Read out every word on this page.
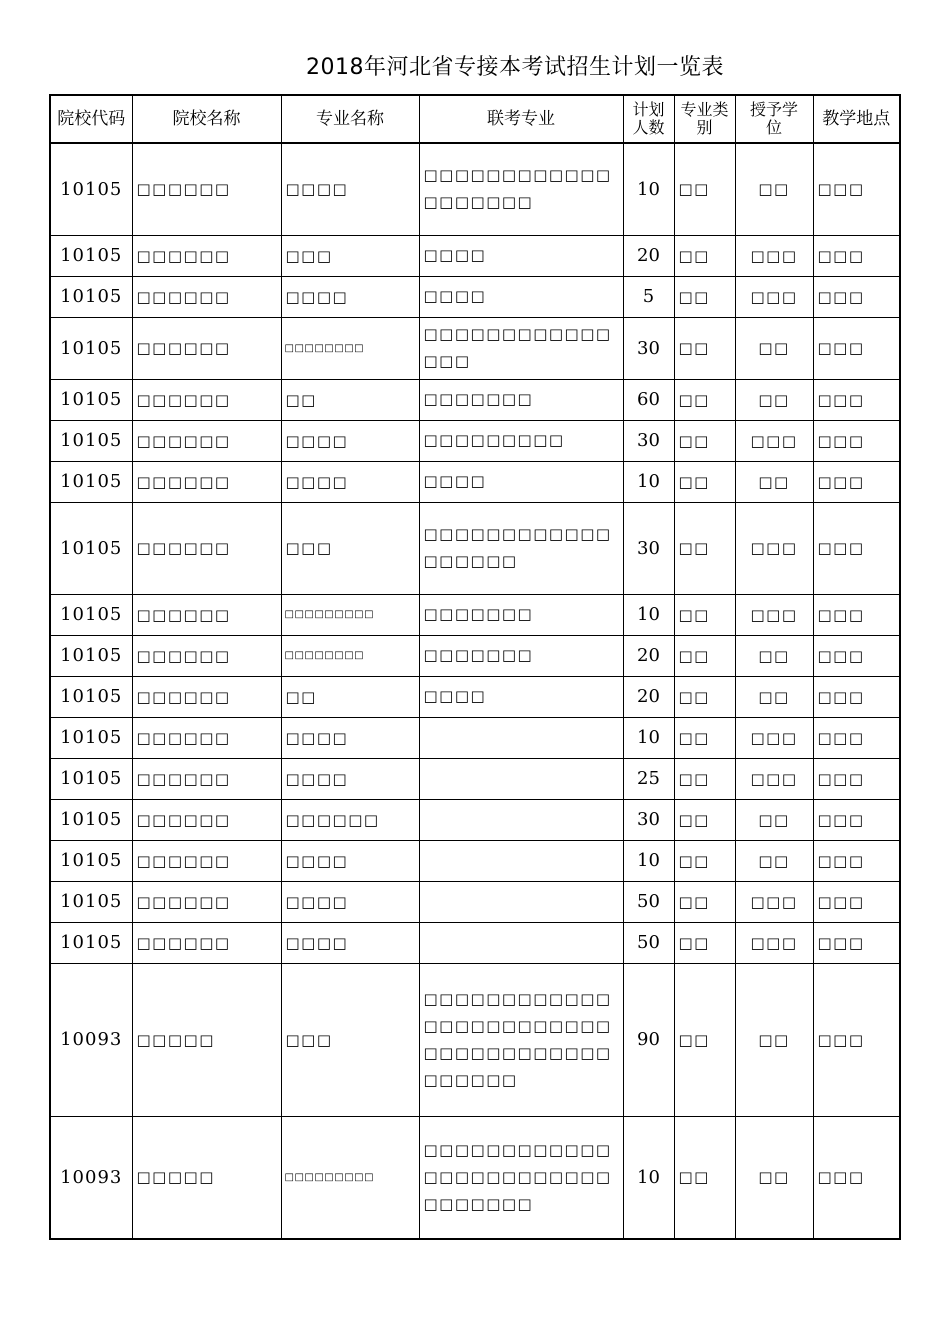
2018年河北省专接本考试招生计划一览表
院校代码	院校名称	专业名称	联考专业	计划人数	专业类别	授予学位	教学地点
10105	□□□□□□	□□□□	□□□□□□□□□□□□□□□□□□□	10	□□	□□	□□□
10105	□□□□□□	□□□	□□□□	20	□□	□□□	□□□
10105	□□□□□□	□□□□	□□□□	5	□□	□□□	□□□
10105	□□□□□□	□□□□□□□□	□□□□□□□□□□□□□□□	30	□□	□□	□□□
10105	□□□□□□	□□	□□□□□□□	60	□□	□□	□□□
10105	□□□□□□	□□□□	□□□□□□□□□	30	□□	□□□	□□□
10105	□□□□□□	□□□□	□□□□	10	□□	□□	□□□
10105	□□□□□□	□□□	□□□□□□□□□□□□□□□□□□	30	□□	□□□	□□□
10105	□□□□□□	□□□□□□□□□	□□□□□□□	10	□□	□□□	□□□
10105	□□□□□□	□□□□□□□□	□□□□□□□	20	□□	□□	□□□
10105	□□□□□□	□□	□□□□	20	□□	□□	□□□
10105	□□□□□□	□□□□		10	□□	□□□	□□□
10105	□□□□□□	□□□□		25	□□	□□□	□□□
10105	□□□□□□	□□□□□□		30	□□	□□	□□□
10105	□□□□□□	□□□□		10	□□	□□	□□□
10105	□□□□□□	□□□□		50	□□	□□□	□□□
10105	□□□□□□	□□□□		50	□□	□□□	□□□
10093	□□□□□	□□□	□□□□□□□□□□□□□□□□□□□□□□□□□□□□□□□□□□□□□□□□□□	90	□□	□□	□□□
10093	□□□□□	□□□□□□□□□	□□□□□□□□□□□□□□□□□□□□□□□□□□□□□□□	10	□□	□□	□□□
